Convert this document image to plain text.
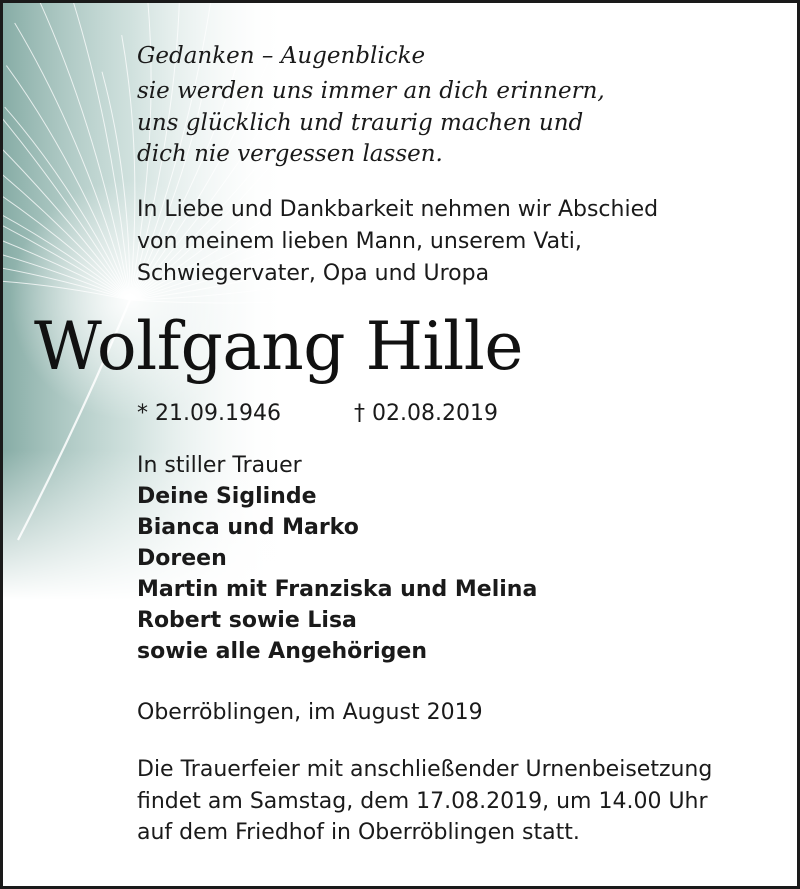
Gedanken – Augenblicke

sie werden uns immer an dich erinnern,

uns glücklich und traurig machen und

dich nie vergessen lassen.

In Liebe und Dankbarkeit nehmen wir Abschied

von meinem lieben Mann, unserem Vati,

Schwiegervater, Opa und Uropa

Wolfgang Hille

* 21.09.1946	† 02.08.2019

In stiller Trauer

Deine Siglinde

Bianca und Marko

Doreen

Martin mit Franziska und Melina

Robert sowie Lisa

sowie alle Angehörigen

Oberröblingen, im August 2019

Die Trauerfeier mit anschließender Urnenbeisetzung

findet am Samstag, dem 17.08.2019, um 14.00 Uhr

auf dem Friedhof in Oberröblingen statt.
